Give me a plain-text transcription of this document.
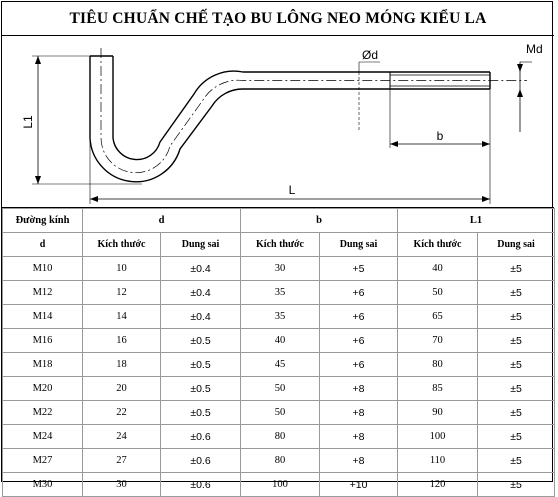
TIÊU CHUẨN CHẾ TẠO BU LÔNG NEO MÓNG KIỂU LA
L1
Ød	Md
b
L
Đường kính	d		b		L1	
d	Kích thước	Dung sai	Kích thước	Dung sai	Kích thước	Dung sai
M10	10	±0.4	30	+5	40	±5
M12	12	±0.4	35	+6	50	±5
M14	14	±0.4	35	+6	65	±5
M16	16	±0.5	40	+6	70	±5
M18	18	±0.5	45	+6	80	±5
M20	20	±0.5	50	+8	85	±5
M22	22	±0.5	50	+8	90	±5
M24	24	±0.6	80	+8	100	±5
M27	27	±0.6	80	+8	110	±5
M30	30	±0.6	100	+10	120	±5
